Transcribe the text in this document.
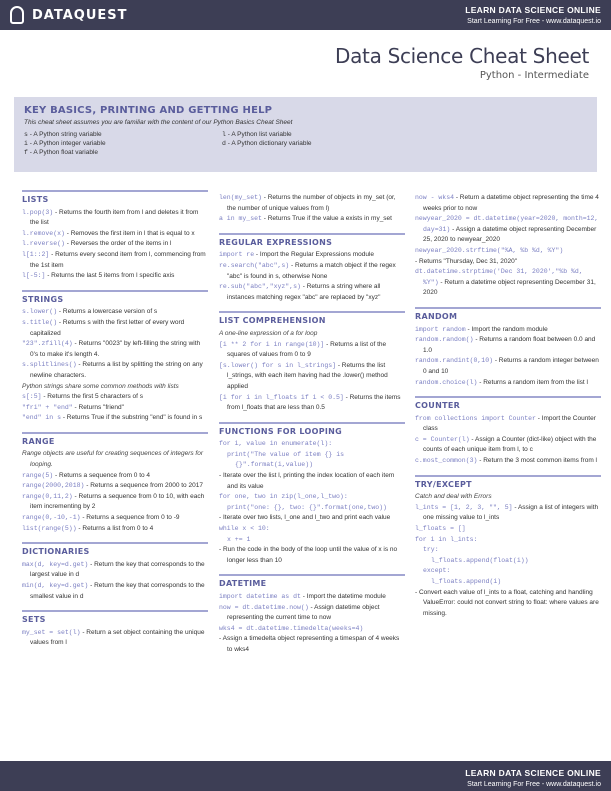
DATAQUEST	LEARN DATA SCIENCE ONLINE
Start Learning For Free - www.dataquest.io
Data Science Cheat Sheet
Python - Intermediate
KEY BASICS, PRINTING AND GETTING HELP
This cheat sheet assumes you are familiar with the content of our Python Basics Cheat Sheet
s - A Python string variable	l - A Python list variable
i - A Python integer variable	d - A Python dictionary variable
f - A Python float variable
LISTS
l.pop(3) - Returns the fourth item from l and deletes it from the list
l.remove(x) - Removes the first item in l that is equal to x
l.reverse() - Reverses the order of the items in l
l[1::2] - Returns every second item from l, commencing from the 1st item
l[-5:] - Returns the last 5 items from l specific axis
STRINGS
s.lower() - Returns a lowercase version of s
s.title() - Returns s with the first letter of every word capitalized
"23".zfill(4) - Returns "0023" by left-filling the string with 0's to make it's length 4.
s.splitlines() - Returns a list by splitting the string on any newline characters.
Python strings share some common methods with lists
s[:5] - Returns the first 5 characters of s
"fri" + "end" - Returns "friend"
"end" in s - Returns True if the substring "end" is found in s
RANGE
Range objects are useful for creating sequences of integers for looping.
range(5) - Returns a sequence from 0 to 4
range(2000,2018) - Returns a sequence from 2000 to 2017
range(0,11,2) - Returns a sequence from 0 to 10, with each item incrementing by 2
range(0,-10,-1) - Returns a sequence from 0 to -9
list(range(5)) - Returns a list from 0 to 4
DICTIONARIES
max(d, key=d.get) - Return the key that corresponds to the largest value in d
min(d, key=d.get) - Return the key that corresponds to the smallest value in d
SETS
my_set = set(l) - Return a set object containing the unique values from l
len(my_set) - Returns the number of objects in my_set (or, the number of unique values from l)
a in my_set - Returns True if the value a exists in my_set
REGULAR EXPRESSIONS
import re - Import the Regular Expressions module
re.search("abc",s) - Returns a match object if the regex "abc" is found in s, otherwise None
re.sub("abc","xyz",s) - Returns a string where all instances matching regex "abc" are replaced by "xyz"
LIST COMPREHENSION
A one-line expression of a for loop
[i ** 2 for i in range(10)] - Returns a list of the squares of values from 0 to 9
[s.lower() for s in l_strings] - Returns the list l_strings, with each item having had the .lower() method applied
[i for i in l_floats if i < 0.5] - Returns the items from l_floats that are less than 0.5
FUNCTIONS FOR LOOPING
for i, value in enumerate(l):
print("The value of item {} is {}".format(i,value))
- Iterate over the list l, printing the index location of each item and its value
for one, two in zip(l_one,l_two):
print("one: {}, two: {}".format(one,two))
- Iterate over two lists, l_one and l_two and print each value
while x < 10:
x += 1
- Run the code in the body of the loop until the value of x is no longer less than 10
DATETIME
import datetime as dt - Import the datetime module
now = dt.datetime.now() - Assign datetime object representing the current time to now
wks4 = dt.datetime.timedelta(weeks=4)
- Assign a timedelta object representing a timespan of 4 weeks to wks4
now - wks4 - Return a datetime object representing the time 4 weeks prior to now
newyear_2020 = dt.datetime(year=2020, month=12, day=31) - Assign a datetime object representing December 25, 2020 to newyear_2020
newyear_2020.strftime("%A, %b %d, %Y")
- Returns "Thursday, Dec 31, 2020"
dt.datetime.strptime('Dec 31, 2020',"%b %d, %Y") - Return a datetime object representing December 31, 2020
RANDOM
import random - Import the random module
random.random() - Returns a random float between 0.0 and 1.0
random.randint(0,10) - Returns a random integer between 0 and 10
random.choice(l) - Returns a random item from the list l
COUNTER
from collections import Counter - Import the Counter class
c = Counter(l) - Assign a Counter (dict-like) object with the counts of each unique item from l, to c
c.most_common(3) - Return the 3 most common items from l
TRY/EXCEPT
Catch and deal with Errors
l_ints = [1, 2, 3, "", 5] - Assign a list of integers with one missing value to l_ints
l_floats = []
for i in l_ints:
try:
l_floats.append(float(i))
except:
l_floats.append(i)
- Convert each value of l_ints to a float, catching and handling ValueError: could not convert string to float: where values are missing.
LEARN DATA SCIENCE ONLINE
Start Learning For Free - www.dataquest.io
